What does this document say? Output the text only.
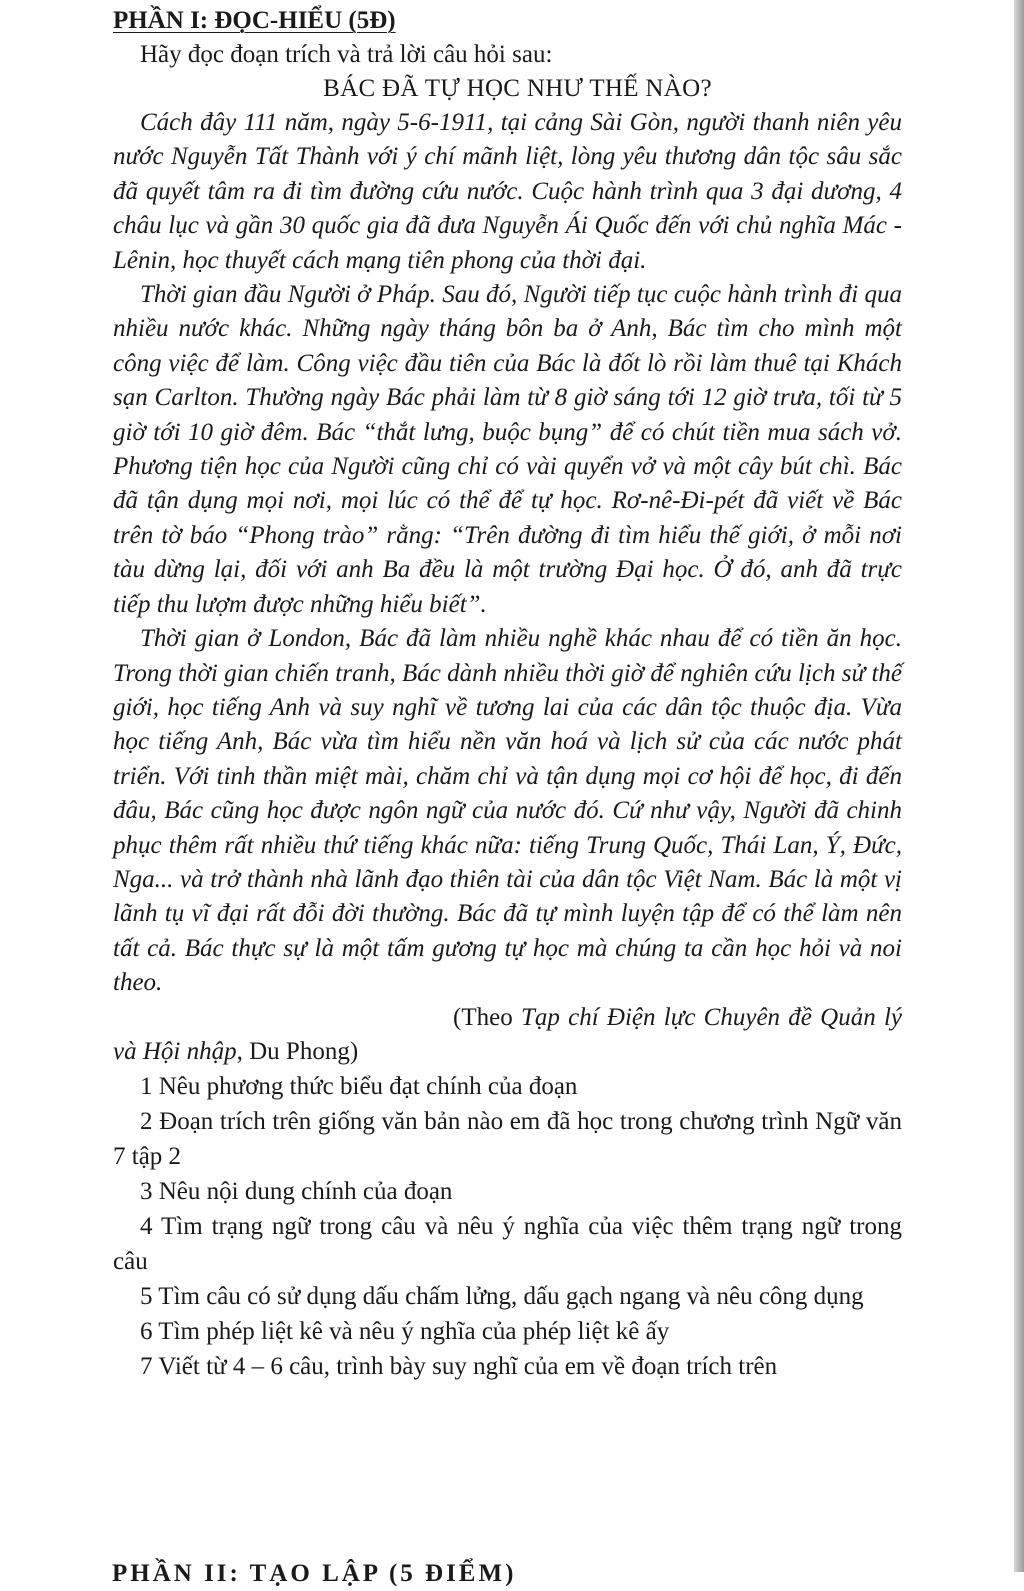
PHẦN I: ĐỌC-HIỂU (5Đ)

Hãy đọc đoạn trích và trả lời câu hỏi sau:

BÁC ĐÃ TỰ HỌC NHƯ THẾ NÀO?

Cách đây 111 năm, ngày 5-6-1911, tại cảng Sài Gòn, người thanh niên yêu nước Nguyễn Tất Thành với ý chí mãnh liệt, lòng yêu thương dân tộc sâu sắc đã quyết tâm ra đi tìm đường cứu nước. Cuộc hành trình qua 3 đại dương, 4 châu lục và gần 30 quốc gia đã đưa Nguyễn Ái Quốc đến với chủ nghĩa Mác - Lênin, học thuyết cách mạng tiên phong của thời đại.

Thời gian đầu Người ở Pháp. Sau đó, Người tiếp tục cuộc hành trình đi qua nhiều nước khác. Những ngày tháng bôn ba ở Anh, Bác tìm cho mình một công việc để làm. Công việc đầu tiên của Bác là đốt lò rồi làm thuê tại Khách sạn Carlton. Thường ngày Bác phải làm từ 8 giờ sáng tới 12 giờ trưa, tối từ 5 giờ tới 10 giờ đêm. Bác “thắt lưng, buộc bụng” để có chút tiền mua sách vở. Phương tiện học của Người cũng chỉ có vài quyển vở và một cây bút chì. Bác đã tận dụng mọi nơi, mọi lúc có thể để tự học. Rơ-nê-Đi-pét đã viết về Bác trên tờ báo “Phong trào” rằng: “Trên đường đi tìm hiểu thế giới, ở mỗi nơi tàu dừng lại, đối với anh Ba đều là một trường Đại học. Ở đó, anh đã trực tiếp thu lượm được những hiểu biết”.

Thời gian ở London, Bác đã làm nhiều nghề khác nhau để có tiền ăn học. Trong thời gian chiến tranh, Bác dành nhiều thời giờ để nghiên cứu lịch sử thế giới, học tiếng Anh và suy nghĩ về tương lai của các dân tộc thuộc địa. Vừa học tiếng Anh, Bác vừa tìm hiểu nền văn hoá và lịch sử của các nước phát triển. Với tinh thần miệt mài, chăm chỉ và tận dụng mọi cơ hội để học, đi đến đâu, Bác cũng học được ngôn ngữ của nước đó. Cứ như vậy, Người đã chinh phục thêm rất nhiều thứ tiếng khác nữa: tiếng Trung Quốc, Thái Lan, Ý, Đức, Nga... và trở thành nhà lãnh đạo thiên tài của dân tộc Việt Nam. Bác là một vị lãnh tụ vĩ đại rất đỗi đời thường. Bác đã tự mình luyện tập để có thể làm nên tất cả. Bác thực sự là một tấm gương tự học mà chúng ta cần học hỏi và noi theo.

(Theo Tạp chí Điện lực Chuyên đề Quản lý và Hội nhập, Du Phong)

1 Nêu phương thức biểu đạt chính của đoạn
2 Đoạn trích trên giống văn bản nào em đã học trong chương trình Ngữ văn 7 tập 2
3 Nêu nội dung chính của đoạn
4 Tìm trạng ngữ trong câu và nêu ý nghĩa của việc thêm trạng ngữ trong câu
5 Tìm câu có sử dụng dấu chấm lửng, dấu gạch ngang và nêu công dụng
6 Tìm phép liệt kê và nêu ý nghĩa của phép liệt kê ấy
7 Viết từ 4 – 6 câu, trình bày suy nghĩ của em về đoạn trích trên
PHẦN II: TẠO LẬP (5 ĐIỂM)
